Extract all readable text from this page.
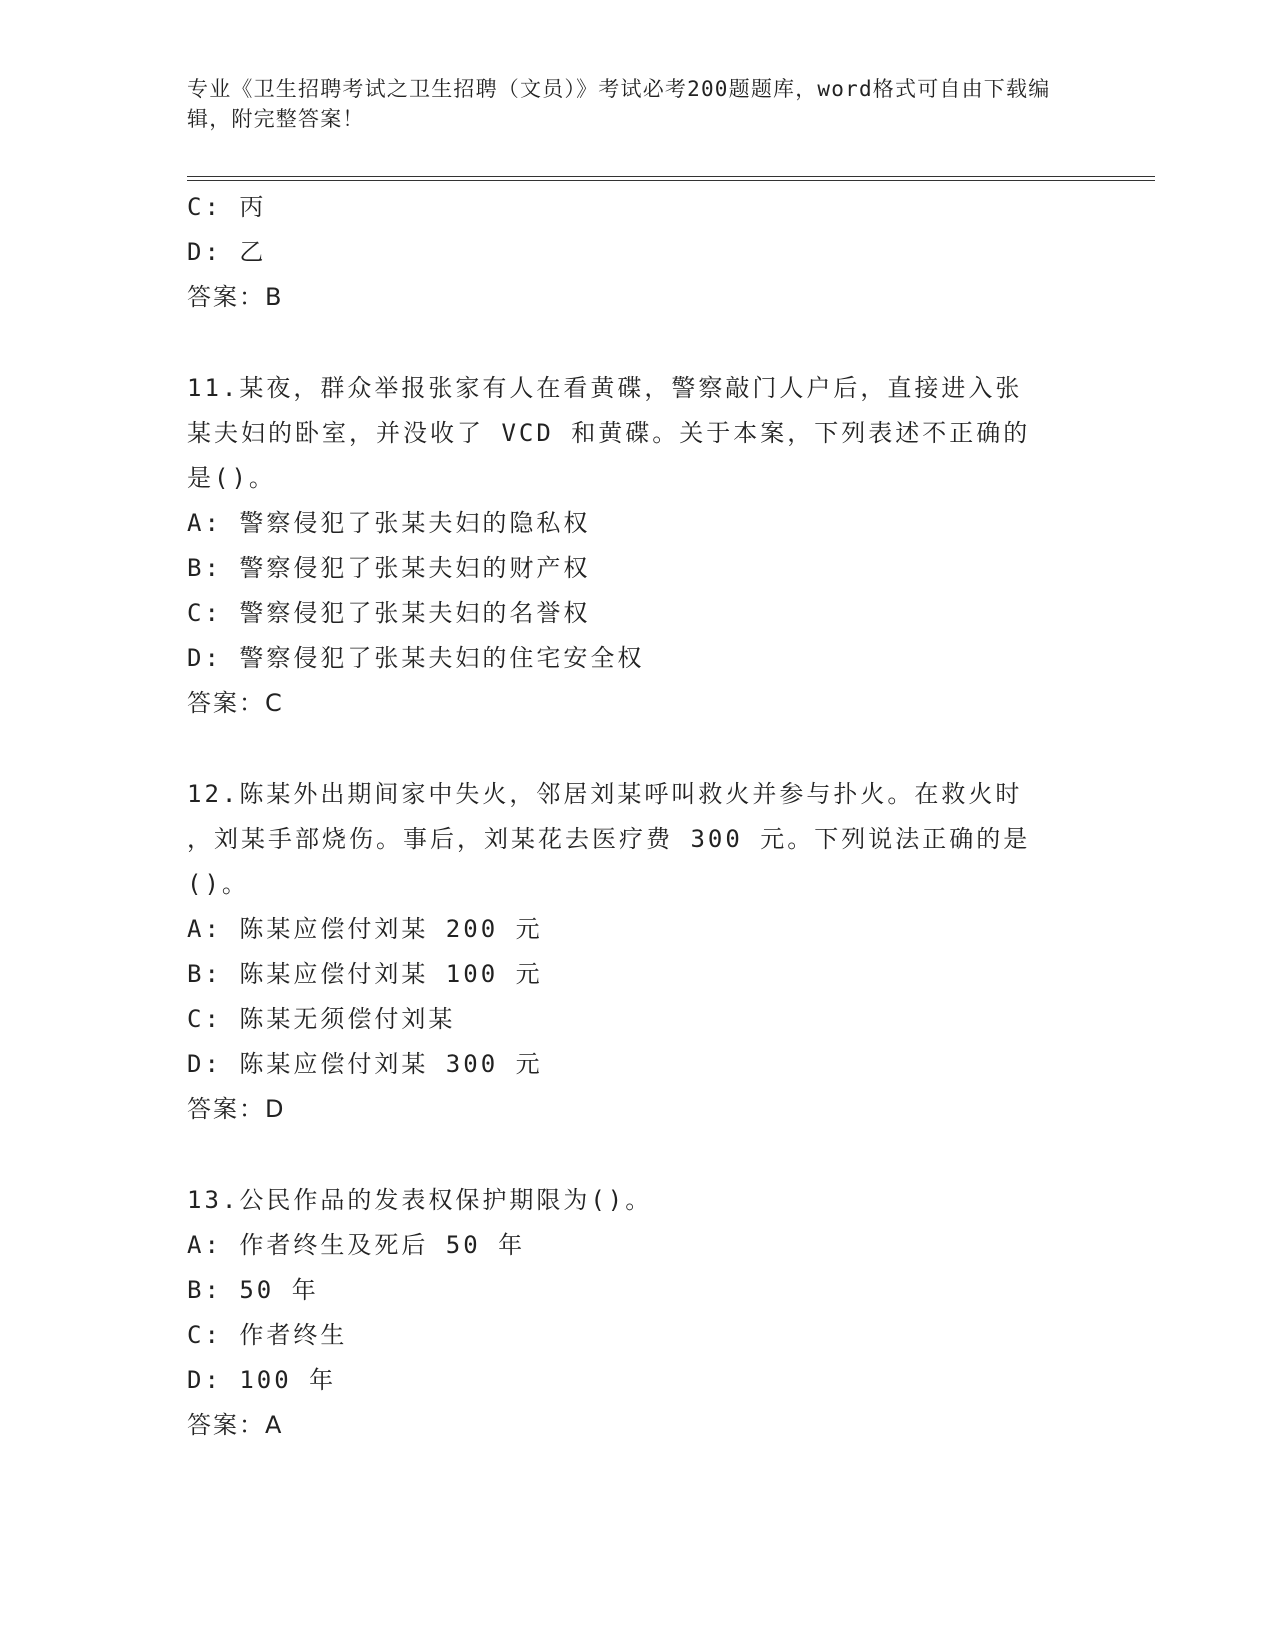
专业《卫生招聘考试之卫生招聘（文员）》考试必考200题题库，word格式可自由下载编辑，附完整答案！
C: 丙
D: 乙
答案：B
11.某夜，群众举报张家有人在看黄碟，警察敲门人户后，直接进入张
某夫妇的卧室，并没收了 VCD 和黄碟。关于本案，下列表述不正确的
是()。
A: 警察侵犯了张某夫妇的隐私权
B: 警察侵犯了张某夫妇的财产权
C: 警察侵犯了张某夫妇的名誉权
D: 警察侵犯了张某夫妇的住宅安全权
答案：C
12.陈某外出期间家中失火，邻居刘某呼叫救火并参与扑火。在救火时
，刘某手部烧伤。事后，刘某花去医疗费 300 元。下列说法正确的是
()。
A: 陈某应偿付刘某 200 元
B: 陈某应偿付刘某 100 元
C: 陈某无须偿付刘某
D: 陈某应偿付刘某 300 元
答案：D
13.公民作品的发表权保护期限为()。
A: 作者终生及死后 50 年
B: 50 年
C: 作者终生
D: 100 年
答案：A
